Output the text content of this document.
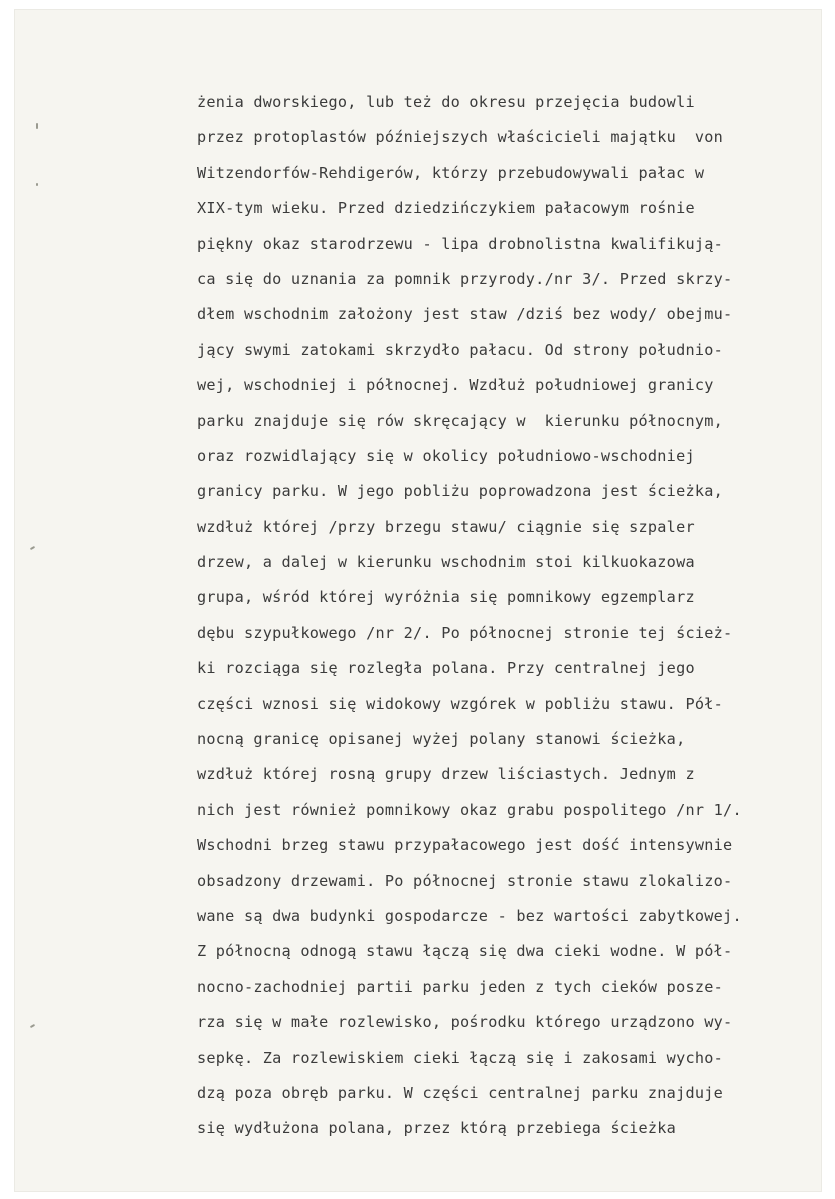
żenia dworskiego, lub też do okresu przejęcia budowli
przez protoplastów późniejszych właścicieli majątku  von
Witzendorfów-Rehdigerów, którzy przebudowywali pałac w
XIX-tym wieku. Przed dziedzińczykiem pałacowym rośnie
piękny okaz starodrzewu - lipa drobnolistna kwalifikują-
ca się do uznania za pomnik przyrody./nr 3/. Przed skrzy-
dłem wschodnim założony jest staw /dziś bez wody/ obejmu-
jący swymi zatokami skrzydło pałacu. Od strony południo-
wej, wschodniej i północnej. Wzdłuż południowej granicy
parku znajduje się rów skręcający w  kierunku północnym,
oraz rozwidlający się w okolicy południowo-wschodniej
granicy parku. W jego pobliżu poprowadzona jest ścieżka,
wzdłuż której /przy brzegu stawu/ ciągnie się szpaler
drzew, a dalej w kierunku wschodnim stoi kilkuokazowa
grupa, wśród której wyróżnia się pomnikowy egzemplarz
dębu szypułkowego /nr 2/. Po północnej stronie tej ścież-
ki rozciąga się rozległa polana. Przy centralnej jego
części wznosi się widokowy wzgórek w pobliżu stawu. Pół-
nocną granicę opisanej wyżej polany stanowi ścieżka,
wzdłuż której rosną grupy drzew liściastych. Jednym z
nich jest również pomnikowy okaz grabu pospolitego /nr 1/.
Wschodni brzeg stawu przypałacowego jest dość intensywnie
obsadzony drzewami. Po północnej stronie stawu zlokalizo-
wane są dwa budynki gospodarcze - bez wartości zabytkowej.
Z północną odnogą stawu łączą się dwa cieki wodne. W pół-
nocno-zachodniej partii parku jeden z tych cieków posze-
rza się w małe rozlewisko, pośrodku którego urządzono wy-
sepkę. Za rozlewiskiem cieki łączą się i zakosami wycho-
dzą poza obręb parku. W części centralnej parku znajduje
się wydłużona polana, przez którą przebiega ścieżka
